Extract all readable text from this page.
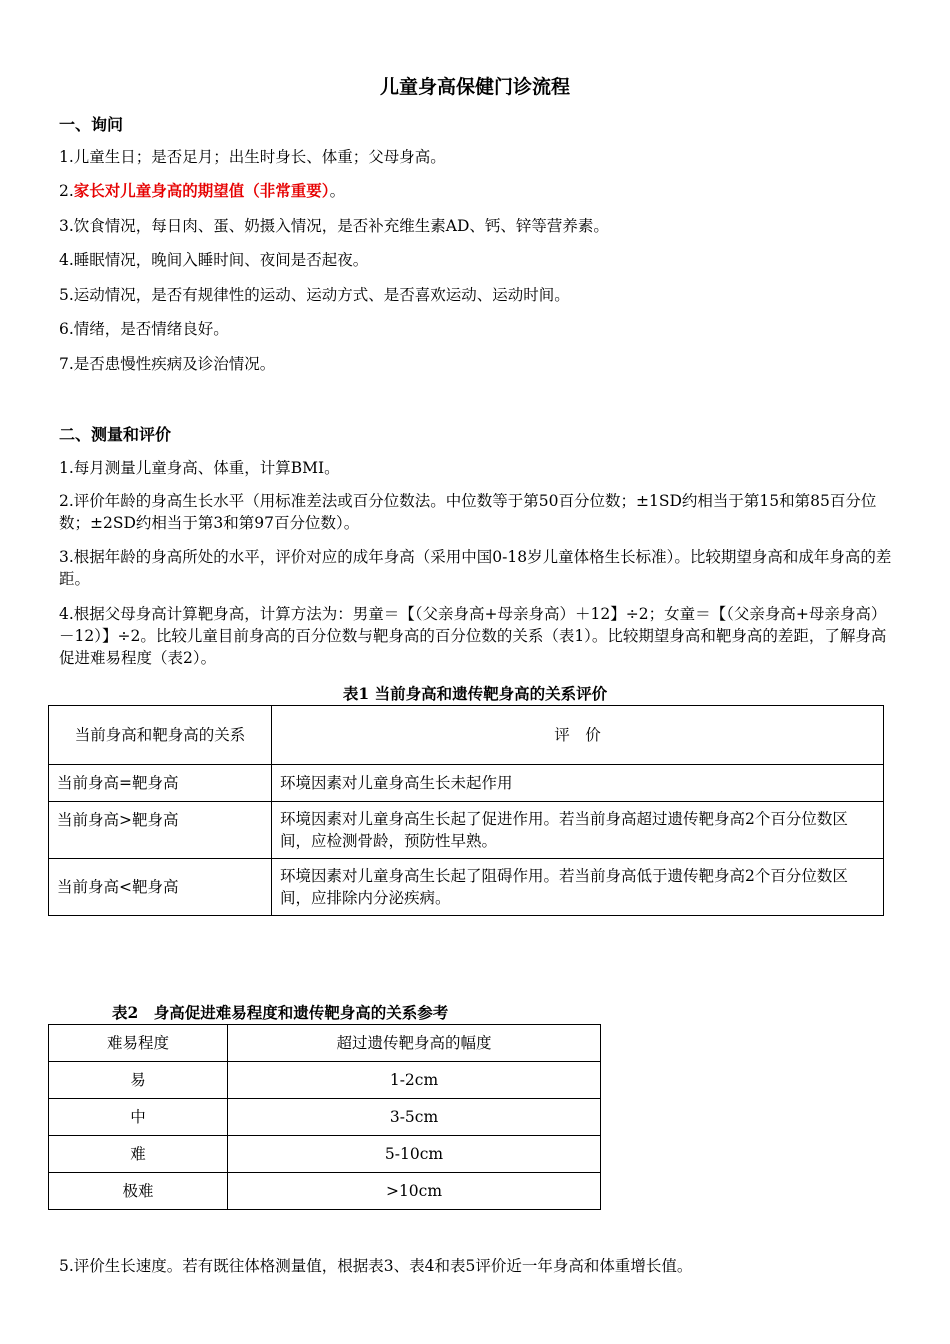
儿童身高保健门诊流程
一、询问
1.儿童生日；是否足月；出生时身长、体重；父母身高。
2.家长对儿童身高的期望值（非常重要）。
3.饮食情况，每日肉、蛋、奶摄入情况，是否补充维生素AD、钙、锌等营养素。
4.睡眠情况，晚间入睡时间、夜间是否起夜。
5.运动情况，是否有规律性的运动、运动方式、是否喜欢运动、运动时间。
6.情绪，是否情绪良好。
7.是否患慢性疾病及诊治情况。
二、测量和评价
1.每月测量儿童身高、体重，计算BMI。
2.评价年龄的身高生长水平（用标准差法或百分位数法。中位数等于第50百分位数；±1SD约相当于第15和第85百分位数；±2SD约相当于第3和第97百分位数）。
3.根据年龄的身高所处的水平，评价对应的成年身高（采用中国0-18岁儿童体格生长标准）。比较期望身高和成年身高的差距。
4.根据父母身高计算靶身高，计算方法为：男童＝【（父亲身高+母亲身高）＋12】÷2；女童＝【（父亲身高+母亲身高）－12）】÷2。比较儿童目前身高的百分位数与靶身高的百分位数的关系（表1）。比较期望身高和靶身高的差距，了解身高促进难易程度（表2）。
表1 当前身高和遗传靶身高的关系评价
当前身高和靶身高的关系	评　价
当前身高=靶身高	环境因素对儿童身高生长未起作用
当前身高>靶身高	环境因素对儿童身高生长起了促进作用。若当前身高超过遗传靶身高2个百分位数区间，应检测骨龄，预防性早熟。
当前身高<靶身高	环境因素对儿童身高生长起了阻碍作用。若当前身高低于遗传靶身高2个百分位数区间，应排除内分泌疾病。
表2　身高促进难易程度和遗传靶身高的关系参考
难易程度	超过遗传靶身高的幅度
易	1-2cm
中	3-5cm
难	5-10cm
极难	>10cm
5.评价生长速度。若有既往体格测量值，根据表3、表4和表5评价近一年身高和体重增长值。
